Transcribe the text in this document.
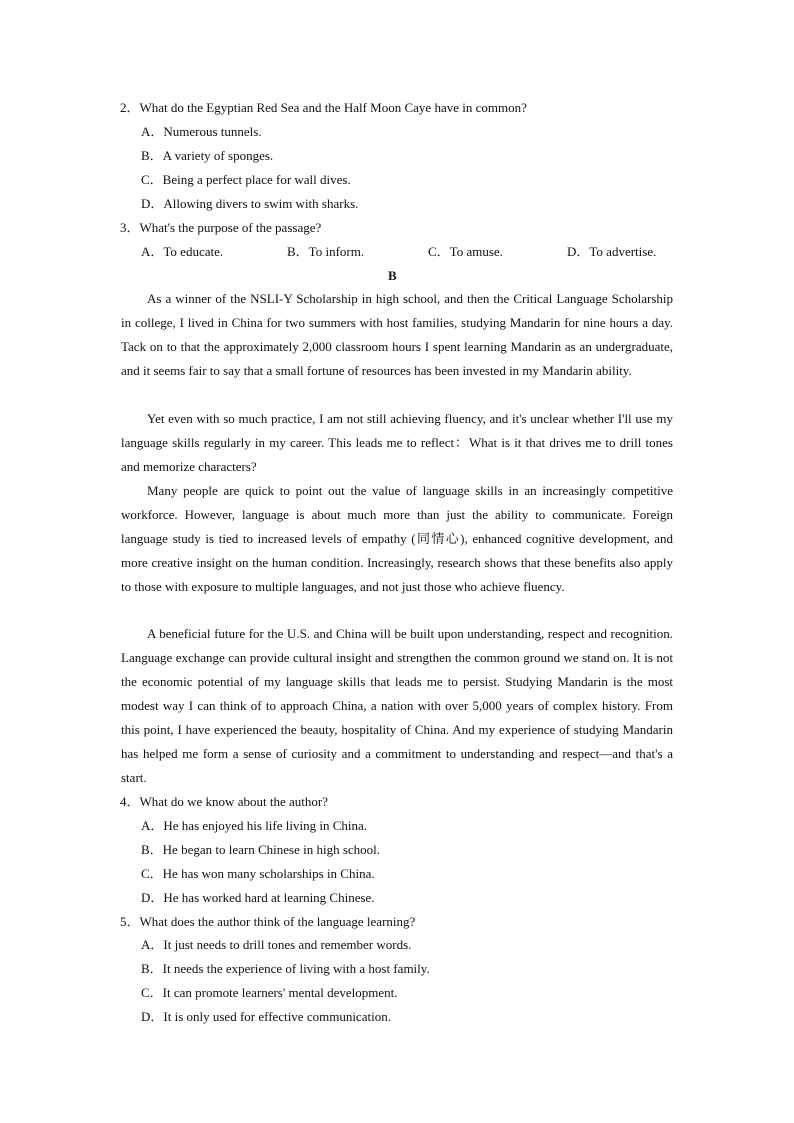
2．What do the Egyptian Red Sea and the Half Moon Caye have in common?
A．Numerous tunnels.
B．A variety of sponges.
C．Being a perfect place for wall dives.
D．Allowing divers to swim with sharks.
3．What's the purpose of the passage?
A．To educate.	B．To inform.	C．To amuse.	D．To advertise.
B
As a winner of the NSLI-Y Scholarship in high school, and then the Critical Language Scholarship in college, I lived in China for two summers with host families, studying Mandarin for nine hours a day. Tack on to that the approximately 2,000 classroom hours I spent learning Mandarin as an undergraduate, and it seems fair to say that a small fortune of resources has been invested in my Mandarin ability.
Yet even with so much practice, I am not still achieving fluency, and it's unclear whether I'll use my language skills regularly in my career. This leads me to reflect：What is it that drives me to drill tones and memorize characters?
Many people are quick to point out the value of language skills in an increasingly competitive workforce. However, language is about much more than just the ability to communicate. Foreign language study is tied to increased levels of empathy (同情心), enhanced cognitive development, and more creative insight on the human condition. Increasingly, research shows that these benefits also apply to those with exposure to multiple languages, and not just those who achieve fluency.
A beneficial future for the U.S. and China will be built upon understanding, respect and recognition. Language exchange can provide cultural insight and strengthen the common ground we stand on. It is not the economic potential of my language skills that leads me to persist. Studying Mandarin is the most modest way I can think of to approach China, a nation with over 5,000 years of complex history. From this point, I have experienced the beauty, hospitality of China. And my experience of studying Mandarin has helped me form a sense of curiosity and a commitment to understanding and respect—and that's a start.
4．What do we know about the author?
A．He has enjoyed his life living in China.
B．He began to learn Chinese in high school.
C．He has won many scholarships in China.
D．He has worked hard at learning Chinese.
5．What does the author think of the language learning?
A．It just needs to drill tones and remember words.
B．It needs the experience of living with a host family.
C．It can promote learners' mental development.
D．It is only used for effective communication.
